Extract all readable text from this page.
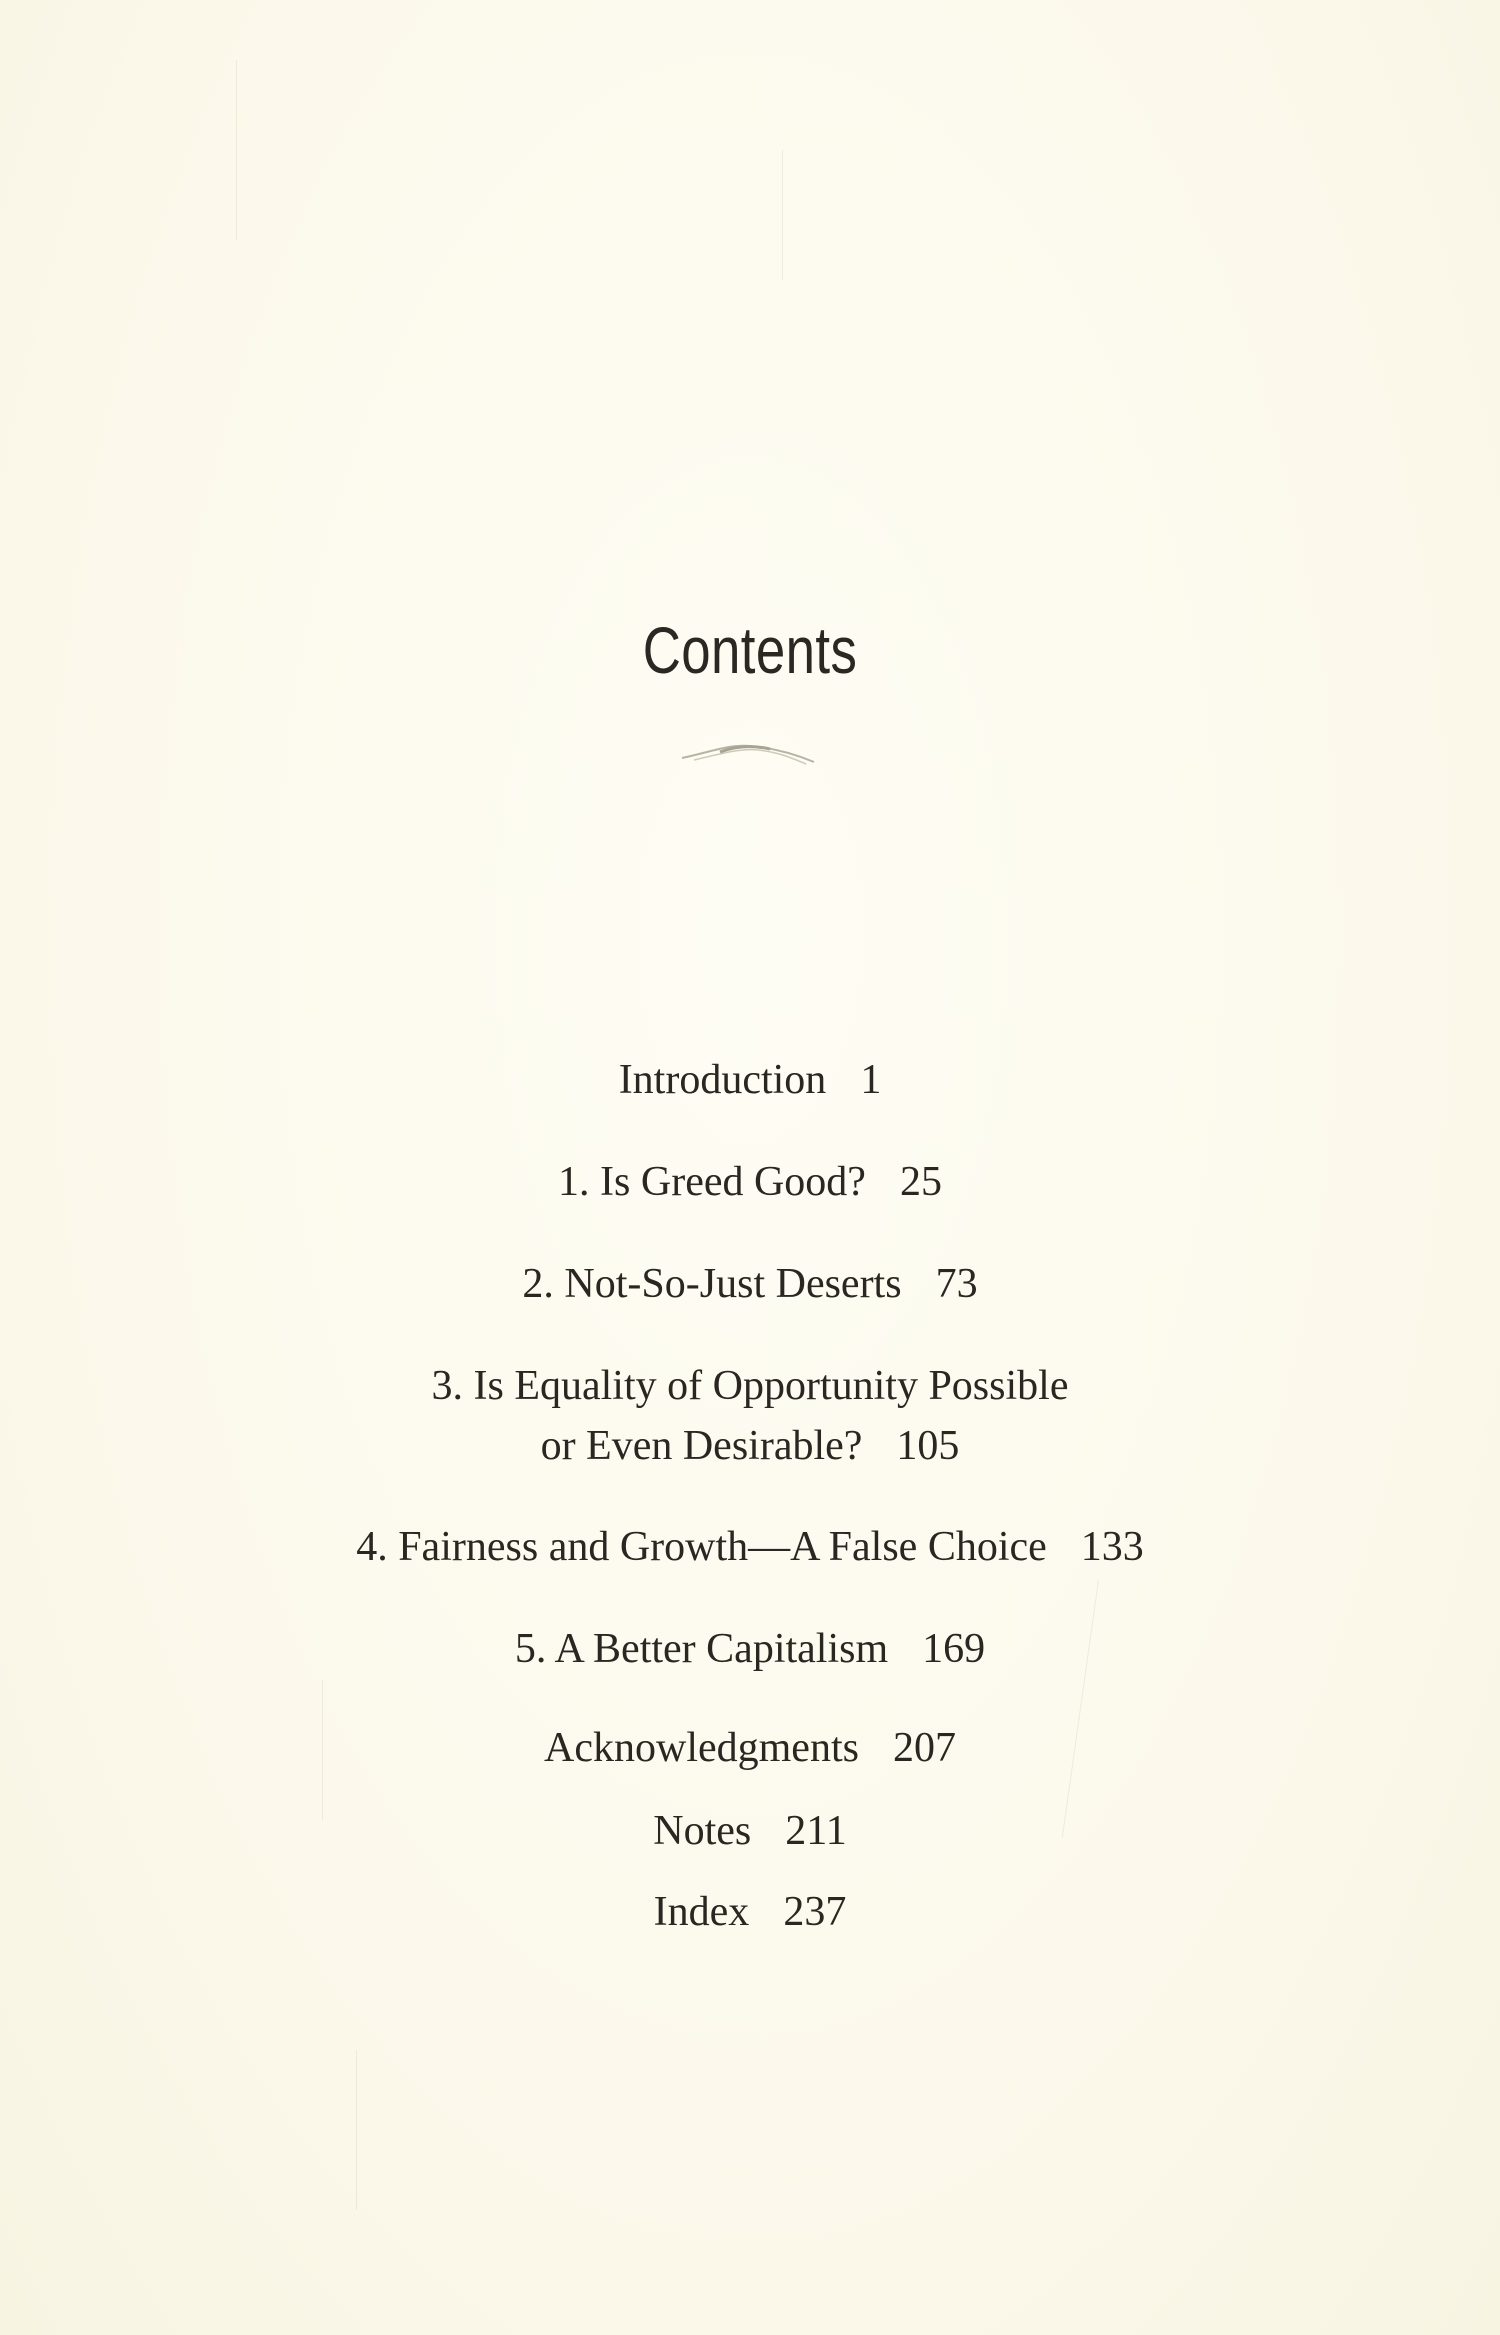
Contents
Introduction 1
1. Is Greed Good? 25
2. Not-So-Just Deserts 73
3. Is Equality of Opportunity Possible
or Even Desirable? 105
4. Fairness and Growth—A False Choice 133
5. A Better Capitalism 169
Acknowledgments 207
Notes 211
Index 237
